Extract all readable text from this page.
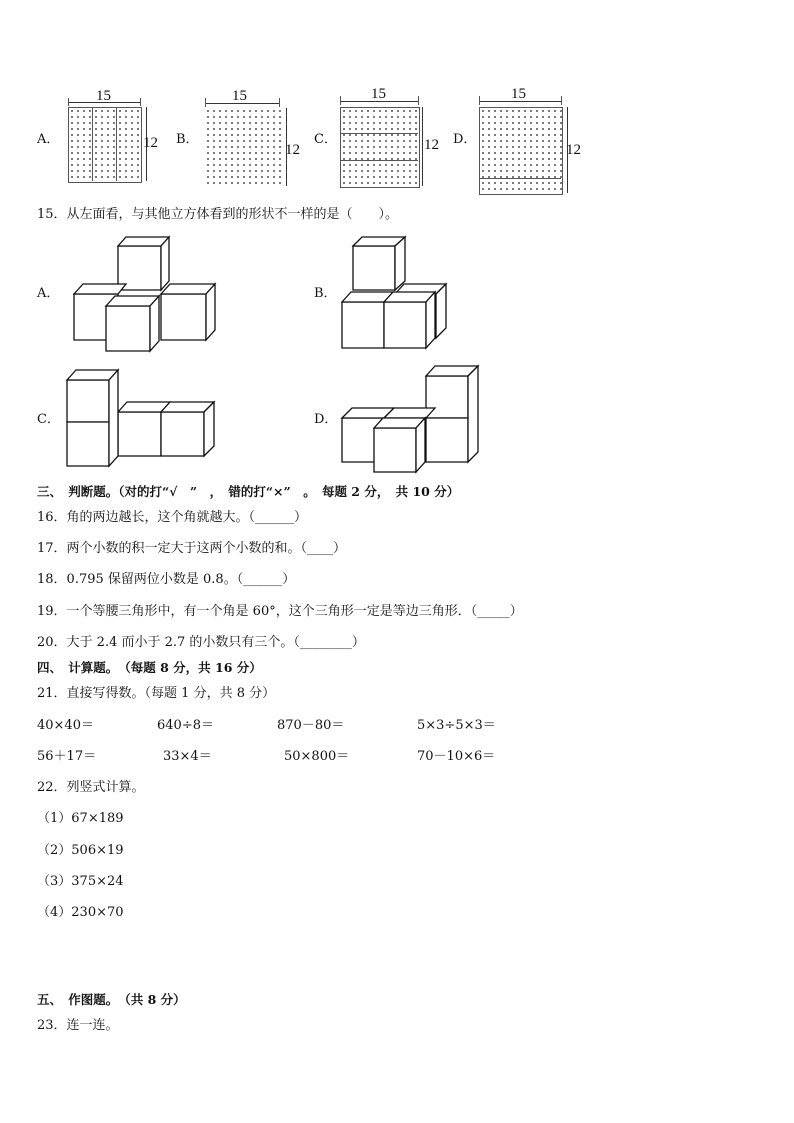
A．
15
12 B．
15
12
C．
15
12 D．
15
12
15．从左面看，与其他立方体看到的形状不一样的是（　　）。
A．	B．
C．	D．
三、　判断题。（对的打“√　”　，　错的打“×”　。　每题 2 分，　共 10 分）
16．角的两边越长，这个角就越大。（______）
17．两个小数的积一定大于这两个小数的和。（____）
18．0.795 保留两位小数是 0.8。（______）
19．一个等腰三角形中，有一个角是 60°，这个三角形一定是等边三角形．（_____）
20．大于 2.4 而小于 2.7 的小数只有三个。（________）
四、　计算题。　（每题 8 分，共 16 分）
21．直接写得数。（每题 1 分，共 8 分）
40×40＝	640÷8＝	870－80＝	5×3÷5×3＝
56＋17＝	33×4＝	50×800＝	70－10×6＝
22．列竖式计算。
（1）67×189
（2）506×19
（3）375×24
（4）230×70
五、　作图题。　（共 8 分）
23．连一连。
